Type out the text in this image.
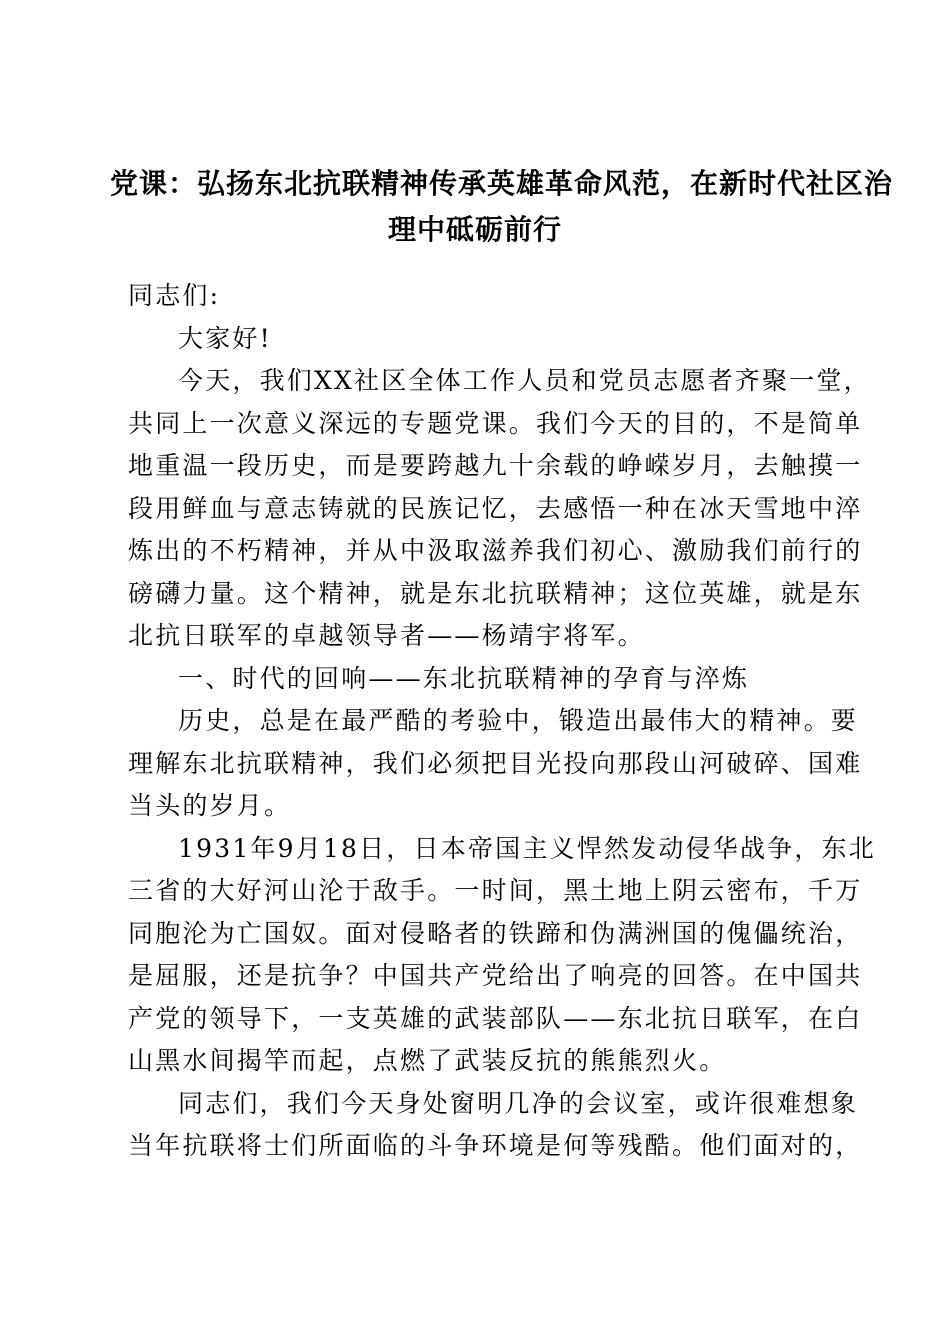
党课：弘扬东北抗联精神传承英雄革命风范，在新时代社区治
理中砥砺前行

同志们:

大家好!

今天，我们XX社区全体工作人员和党员志愿者齐聚一堂，
共同上一次意义深远的专题党课。我们今天的目的，不是简单
地重温一段历史，而是要跨越九十余载的峥嵘岁月，去触摸一
段用鲜血与意志铸就的民族记忆，去感悟一种在冰天雪地中淬
炼出的不朽精神，并从中汲取滋养我们初心、激励我们前行的
磅礴力量。这个精神，就是东北抗联精神；这位英雄，就是东
北抗日联军的卓越领导者——杨靖宇将军。

一、时代的回响——东北抗联精神的孕育与淬炼

历史，总是在最严酷的考验中，锻造出最伟大的精神。要
理解东北抗联精神，我们必须把目光投向那段山河破碎、国难
当头的岁月。

1931年9月18日，日本帝国主义悍然发动侵华战争，东北
三省的大好河山沦于敌手。一时间，黑土地上阴云密布，千万
同胞沦为亡国奴。面对侵略者的铁蹄和伪满洲国的傀儡统治，
是屈服，还是抗争？中国共产党给出了响亮的回答。在中国共
产党的领导下，一支英雄的武装部队——东北抗日联军，在白
山黑水间揭竿而起，点燃了武装反抗的熊熊烈火。

同志们，我们今天身处窗明几净的会议室，或许很难想象
当年抗联将士们所面临的斗争环境是何等残酷。他们面对的，
